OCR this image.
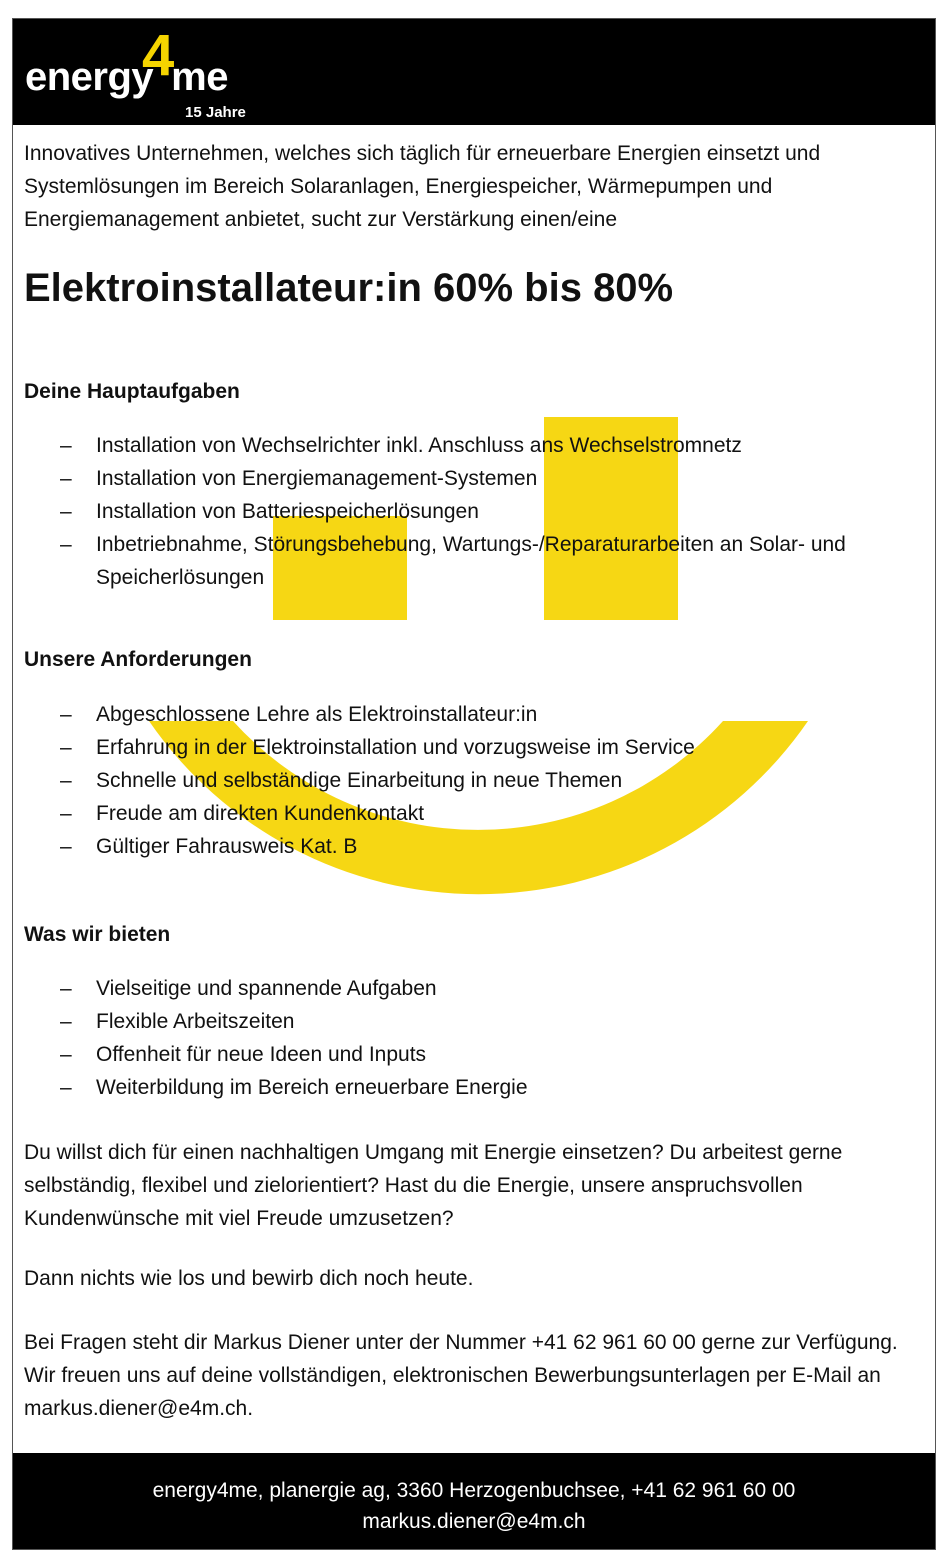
energy me
4
15 Jahre

Innovatives Unternehmen, welches sich täglich für erneuerbare Energien einsetzt und Systemlösungen im Bereich Solaranlagen, Energiespeicher, Wärmepumpen und Energiemanagement anbietet, sucht zur Verstärkung einen/eine

Elektroinstallateur:in 60% bis 80%
Deine Hauptaufgaben
– Installation von Wechselrichter inkl. Anschluss ans Wechselstromnetz
– Installation von Energiemanagement-Systemen
– Installation von Batteriespeicherlösungen
– Inbetriebnahme, Störungsbehebung, Wartungs-/Reparaturarbeiten an Solar- und Speicherlösungen
Unsere Anforderungen
– Abgeschlossene Lehre als Elektroinstallateur:in
– Erfahrung in der Elektroinstallation und vorzugsweise im Service
– Schnelle und selbständige Einarbeitung in neue Themen
– Freude am direkten Kundenkontakt
– Gültiger Fahrausweis Kat. B
Was wir bieten
– Vielseitige und spannende Aufgaben
– Flexible Arbeitszeiten
– Offenheit für neue Ideen und Inputs
– Weiterbildung im Bereich erneuerbare Energie

Du willst dich für einen nachhaltigen Umgang mit Energie einsetzen? Du arbeitest gerne selbständig, flexibel und zielorientiert? Hast du die Energie, unsere anspruchsvollen Kundenwünsche mit viel Freude umzusetzen?

Dann nichts wie los und bewirb dich noch heute.

Bei Fragen steht dir Markus Diener unter der Nummer +41 62 961 60 00 gerne zur Verfügung. Wir freuen uns auf deine vollständigen, elektronischen Bewerbungsunterlagen per E-Mail an markus.diener@e4m.ch.

energy4me, planergie ag, 3360 Herzogenbuchsee, +41 62 961 60 00
markus.diener@e4m.ch
